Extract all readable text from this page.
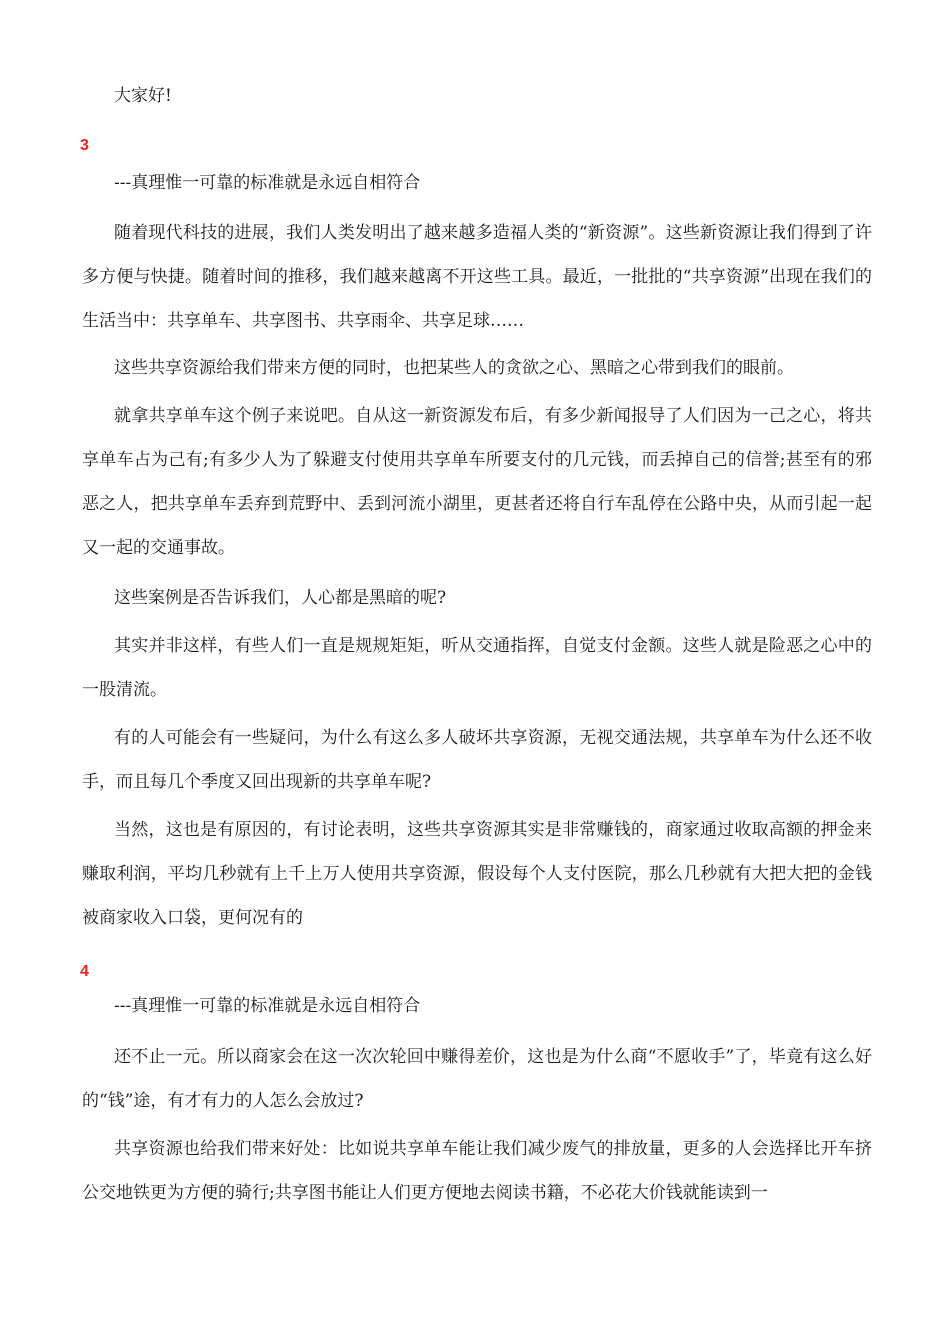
大家好!
3
---真理惟一可靠的标准就是永远自相符合

随着现代科技的进展，我们人类发明出了越来越多造福人类的“新资源”。这些新资源让我们得到了许多方便与快捷。随着时间的推移，我们越来越离不开这些工具。最近，一批批的“共享资源”出现在我们的生活当中：共享单车、共享图书、共享雨伞、共享足球……

这些共享资源给我们带来方便的同时，也把某些人的贪欲之心、黑暗之心带到我们的眼前。

就拿共享单车这个例子来说吧。自从这一新资源发布后，有多少新闻报导了人们因为一己之心，将共享单车占为己有;有多少人为了躲避支付使用共享单车所要支付的几元钱，而丢掉自己的信誉;甚至有的邪恶之人，把共享单车丢弃到荒野中、丢到河流小湖里，更甚者还将自行车乱停在公路中央，从而引起一起又一起的交通事故。

这些案例是否告诉我们，人心都是黑暗的呢?

其实并非这样，有些人们一直是规规矩矩，听从交通指挥，自觉支付金额。这些人就是险恶之心中的一股清流。

有的人可能会有一些疑问，为什么有这么多人破坏共享资源，无视交通法规，共享单车为什么还不收手，而且每几个季度又回出现新的共享单车呢?

当然，这也是有原因的，有讨论表明，这些共享资源其实是非常赚钱的，商家通过收取高额的押金来赚取利润，平均几秒就有上千上万人使用共享资源，假设每个人支付医院，那么几秒就有大把大把的金钱被商家收入口袋，更何况有的

4
---真理惟一可靠的标准就是永远自相符合

还不止一元。所以商家会在这一次次轮回中赚得差价，这也是为什么商“不愿收手”了，毕竟有这么好的“钱”途，有才有力的人怎么会放过?

共享资源也给我们带来好处：比如说共享单车能让我们减少废气的排放量，更多的人会选择比开车挤公交地铁更为方便的骑行;共享图书能让人们更方便地去阅读书籍，不必花大价钱就能读到一
